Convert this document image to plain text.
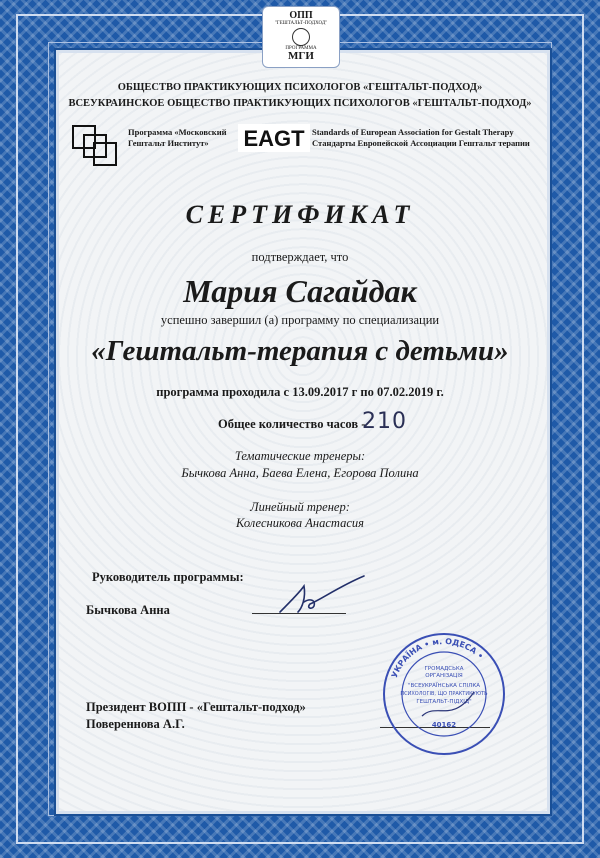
ОПП
"ГЕШТАЛЬТ-ПОДХОД"
ПРОГРАММА
МГИ
ОБЩЕСТВО ПРАКТИКУЮЩИХ ПСИХОЛОГОВ «ГЕШТАЛЬТ-ПОДХОД»
ВСЕУКРАИНСКОЕ ОБЩЕСТВО ПРАКТИКУЮЩИХ ПСИХОЛОГОВ «ГЕШТАЛЬТ-ПОДХОД»
Программа «Московский Гештальт Институт»	EAGT Standards of European Association for Gestalt Therapy
Стандарты Европейской Ассоциации Гештальт терапии
СЕРТИФИКАТ
подтверждает, что
Мария Сагайдак
успешно завершил (а) программу по специализации
«Гештальт-терапия с детьми»
программа проходила с 13.09.2017 г по 07.02.2019 г.
Общее количество часов -
210
Тематические тренеры:
Бычкова Анна, Баева Елена, Егорова Полина
Линейный тренер:
Колесникова Анастасия
Руководитель программы:
Бычкова Анна
Президент ВОПП - «Гештальт-подход»
Повереннова А.Г.
УКРАЇНА • м. ОДЕСА •
ГРОМАДСЬКА
ОРГАНІЗАЦІЯ
"ВСЕУКРАЇНСЬКА СПІЛКА
ПСИХОЛОГІВ, ЩО ПРАКТИКУЮТЬ
ГЕШТАЛЬТ-ПІДХІД"
40162
